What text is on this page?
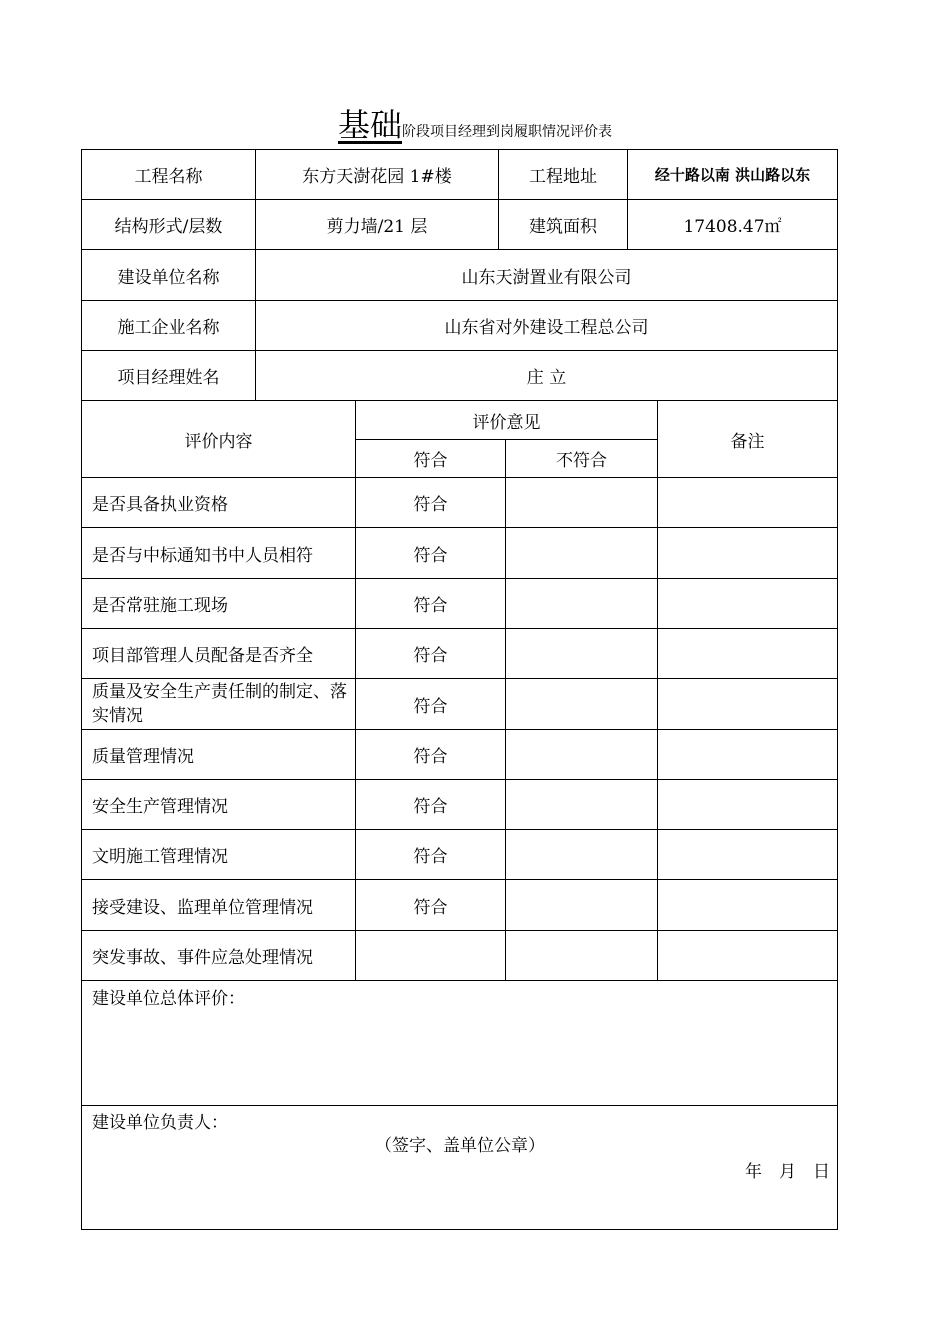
基础阶段项目经理到岗履职情况评价表
工程名称	东方天澍花园 1#楼	工程地址	经十路以南 洪山路以东
结构形式/层数	剪力墙/21 层	建筑面积	17408.47㎡
建设单位名称	山东天澍置业有限公司
施工企业名称	山东省对外建设工程总公司
项目经理姓名	庄 立
评价内容
评价意见
符合	不符合
备注
是否具备执业资格	符合
是否与中标通知书中人员相符	符合
是否常驻施工现场	符合
项目部管理人员配备是否齐全	符合
质量及安全生产责任制的制定、落实情况	符合
质量管理情况	符合
安全生产管理情况	符合
文明施工管理情况	符合
接受建设、监理单位管理情况	符合
突发事故、事件应急处理情况
建设单位总体评价：
建设单位负责人：
（签字、盖单位公章）
年　月　日
